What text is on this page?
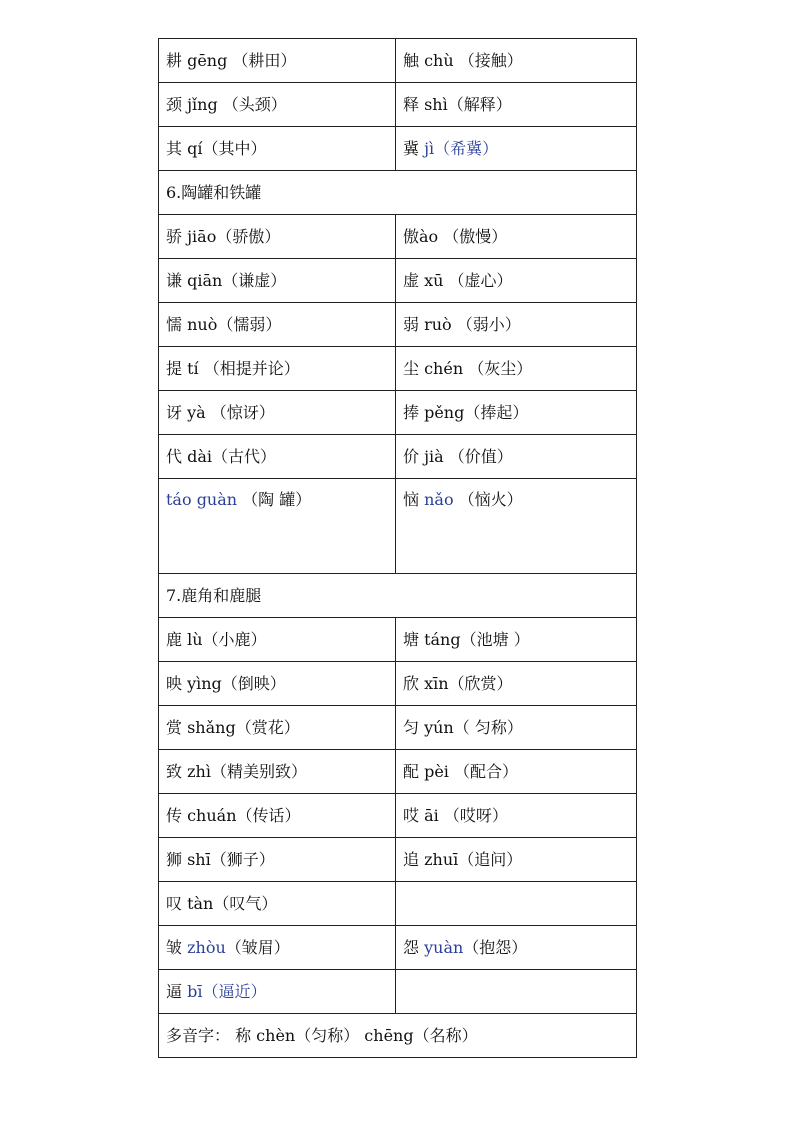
耕 gēng （耕田）	触 chù （接触）
颈 jǐng （头颈）	释 shì（解释）
其 qí（其中）	冀 jì（希冀）
6.陶罐和铁罐	
骄 jiāo（骄傲）	傲ào （傲慢）
谦 qiān（谦虚）	虚 xū （虚心）
懦 nuò（懦弱）	弱 ruò （弱小）
提 tí （相提并论）	尘 chén （灰尘）
讶 yà （惊讶）	捧 pěng（捧起）
代 dài（古代）	价 jià （价值）
táo guàn （陶 罐）	恼 nǎo （恼火）
7.鹿角和鹿腿	
鹿 lù（小鹿）	塘 táng（池塘 ）
映 yìng（倒映）	欣 xīn（欣赏）
赏 shǎng（赏花）	匀 yún（ 匀称）
致 zhì（精美别致）	配 pèi （配合）
传 chuán（传话）	哎 āi （哎呀）
狮 shī（狮子）	追 zhuī（追问）
叹 tàn（叹气）	
皱 zhòu（皱眉）	怨 yuàn（抱怨）
逼 bī（逼近）	
多音字： 称 chèn（匀称） chēng（名称）	
